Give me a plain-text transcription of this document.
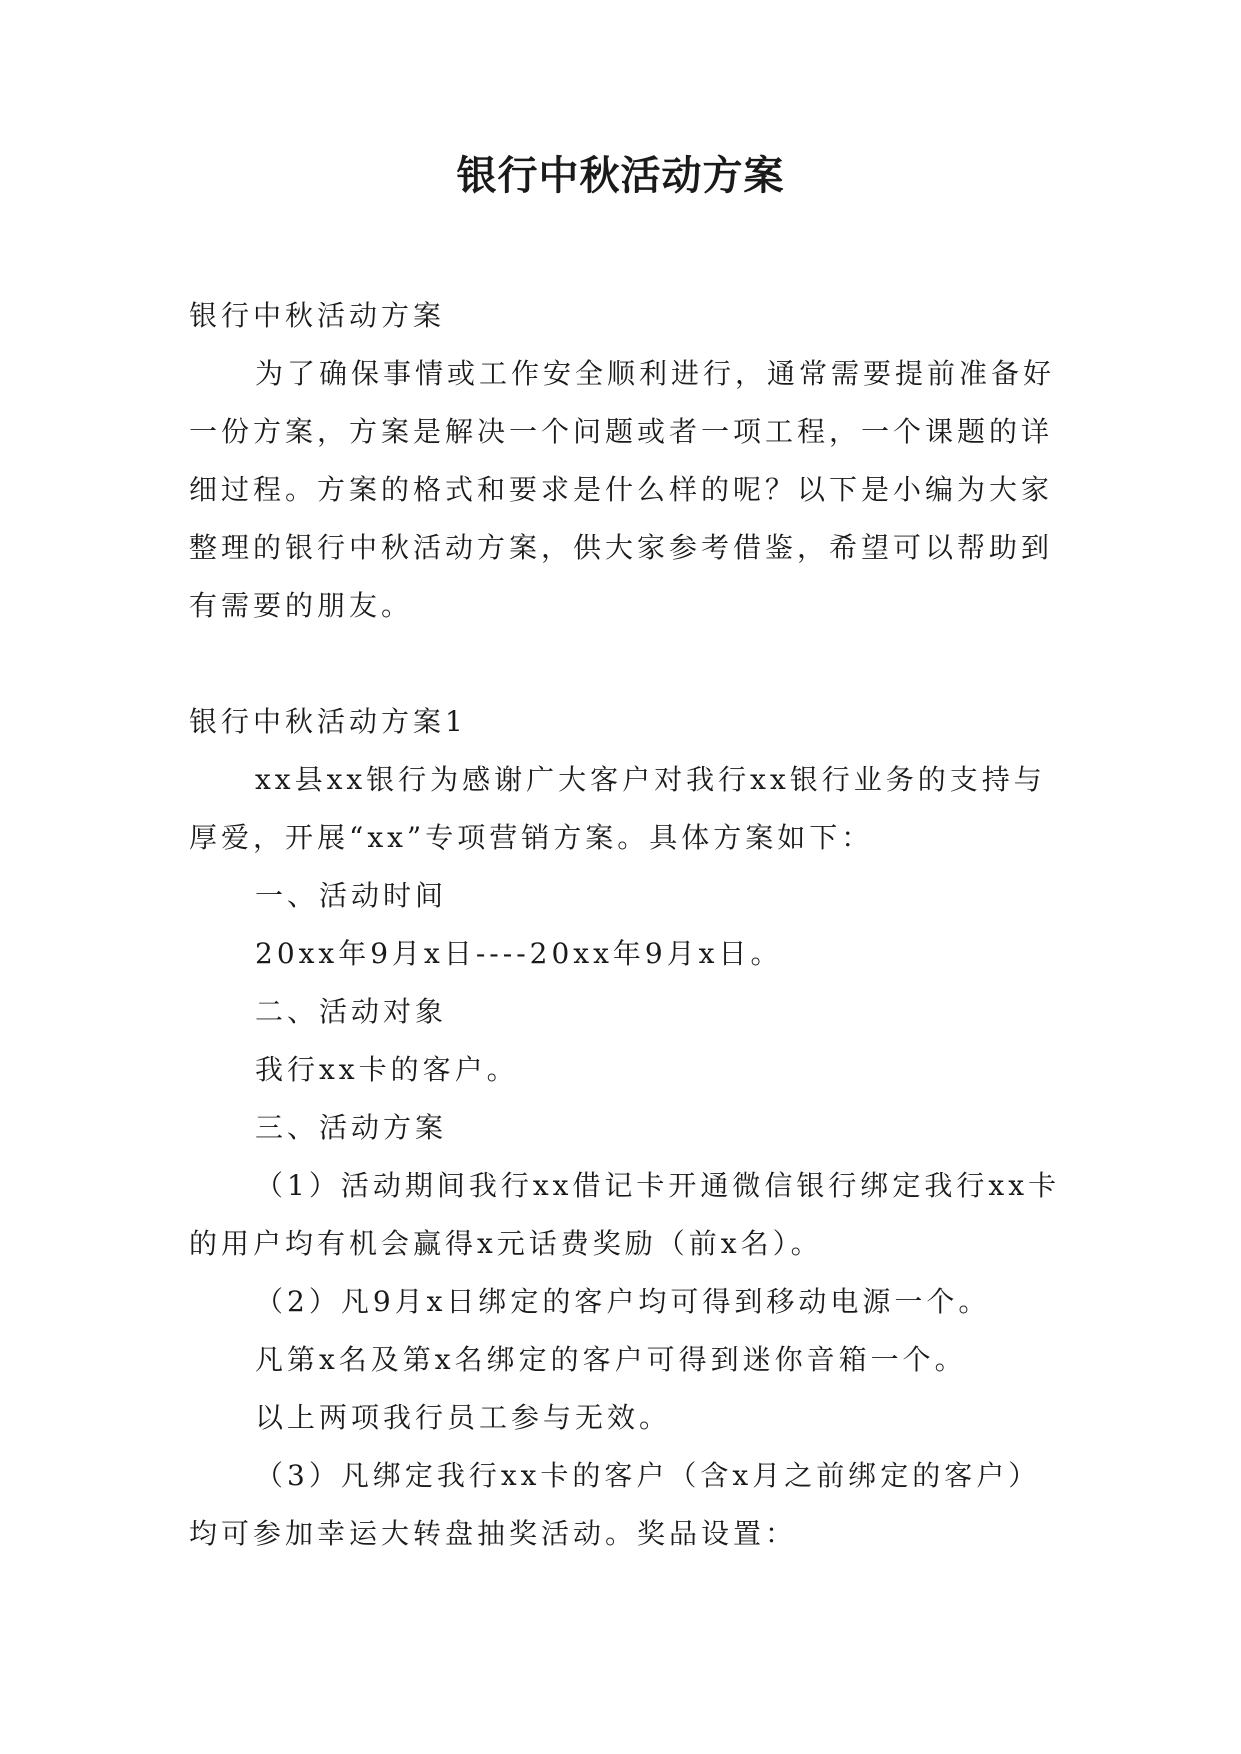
银行中秋活动方案

银行中秋活动方案

为了确保事情或工作安全顺利进行，通常需要提前准备好一份方案，方案是解决一个问题或者一项工程，一个课题的详细过程。方案的格式和要求是什么样的呢？以下是小编为大家整理的银行中秋活动方案，供大家参考借鉴，希望可以帮助到有需要的朋友。

银行中秋活动方案1

xx县xx银行为感谢广大客户对我行xx银行业务的支持与厚爱，开展“xx”专项营销方案。具体方案如下：

一、活动时间

20xx年9月x日----20xx年9月x日。

二、活动对象

我行xx卡的客户。

三、活动方案

（1）活动期间我行xx借记卡开通微信银行绑定我行xx卡的用户均有机会赢得x元话费奖励（前x名）。

（2）凡9月x日绑定的客户均可得到移动电源一个。

凡第x名及第x名绑定的客户可得到迷你音箱一个。

以上两项我行员工参与无效。

（3）凡绑定我行xx卡的客户（含x月之前绑定的客户）均可参加幸运大转盘抽奖活动。奖品设置：
